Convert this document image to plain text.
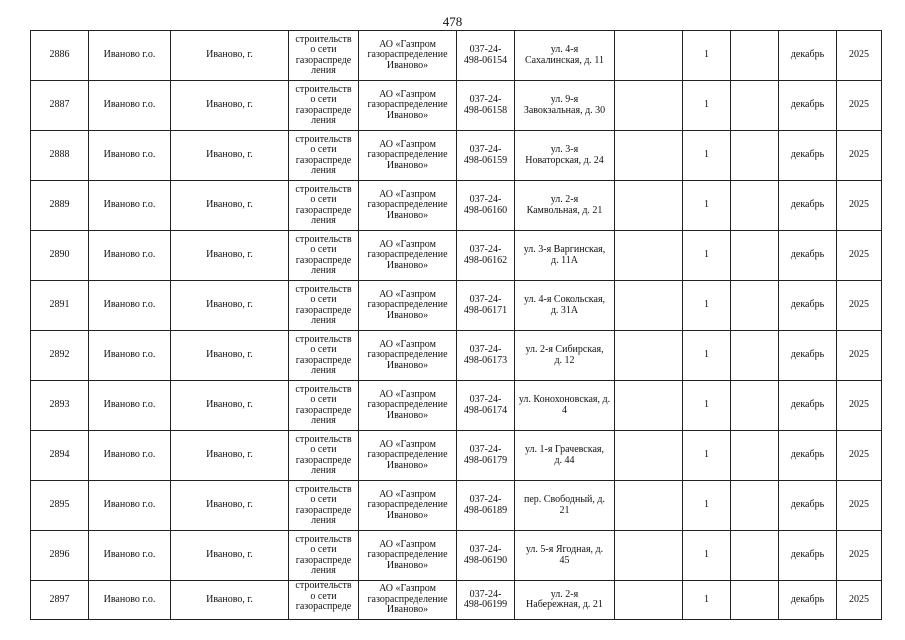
478
2886	Иваново г.о.	Иваново, г.	строительств
о сети
газораспреде
ления	АО «Газпром
газораспределение
Иваново»	037-24-
498-06154	ул. 4-я
Сахалинская, д. 11		1		декабрь	2025
2887	Иваново г.о.	Иваново, г.	строительств
о сети
газораспреде
ления	АО «Газпром
газораспределение
Иваново»	037-24-
498-06158	ул. 9-я
Завокзальная, д. 30		1		декабрь	2025
2888	Иваново г.о.	Иваново, г.	строительств
о сети
газораспреде
ления	АО «Газпром
газораспределение
Иваново»	037-24-
498-06159	ул. 3-я
Новаторская, д. 24		1		декабрь	2025
2889	Иваново г.о.	Иваново, г.	строительств
о сети
газораспреде
ления	АО «Газпром
газораспределение
Иваново»	037-24-
498-06160	ул. 2-я
Камвольная, д. 21		1		декабрь	2025
2890	Иваново г.о.	Иваново, г.	строительств
о сети
газораспреде
ления	АО «Газпром
газораспределение
Иваново»	037-24-
498-06162	ул. 3-я Варгинская,
д. 11А		1		декабрь	2025
2891	Иваново г.о.	Иваново, г.	строительств
о сети
газораспреде
ления	АО «Газпром
газораспределение
Иваново»	037-24-
498-06171	ул. 4-я Сокольская,
д. 31А		1		декабрь	2025
2892	Иваново г.о.	Иваново, г.	строительств
о сети
газораспреде
ления	АО «Газпром
газораспределение
Иваново»	037-24-
498-06173	ул. 2-я Сибирская,
д. 12		1		декабрь	2025
2893	Иваново г.о.	Иваново, г.	строительств
о сети
газораспреде
ления	АО «Газпром
газораспределение
Иваново»	037-24-
498-06174	ул. Конохоновская, д.
4		1		декабрь	2025
2894	Иваново г.о.	Иваново, г.	строительств
о сети
газораспреде
ления	АО «Газпром
газораспределение
Иваново»	037-24-
498-06179	ул. 1-я Грачевская,
д. 44		1		декабрь	2025
2895	Иваново г.о.	Иваново, г.	строительств
о сети
газораспреде
ления	АО «Газпром
газораспределение
Иваново»	037-24-
498-06189	пер. Свободный, д.
21		1		декабрь	2025
2896	Иваново г.о.	Иваново, г.	строительств
о сети
газораспреде
ления	АО «Газпром
газораспределение
Иваново»	037-24-
498-06190	ул. 5-я Ягодная, д.
45		1		декабрь	2025
2897	Иваново г.о.	Иваново, г.	строительств
о сети
газораспреде	АО «Газпром
газораспределение
Иваново»	037-24-
498-06199	ул. 2-я
Набережная, д. 21		1		декабрь	2025
